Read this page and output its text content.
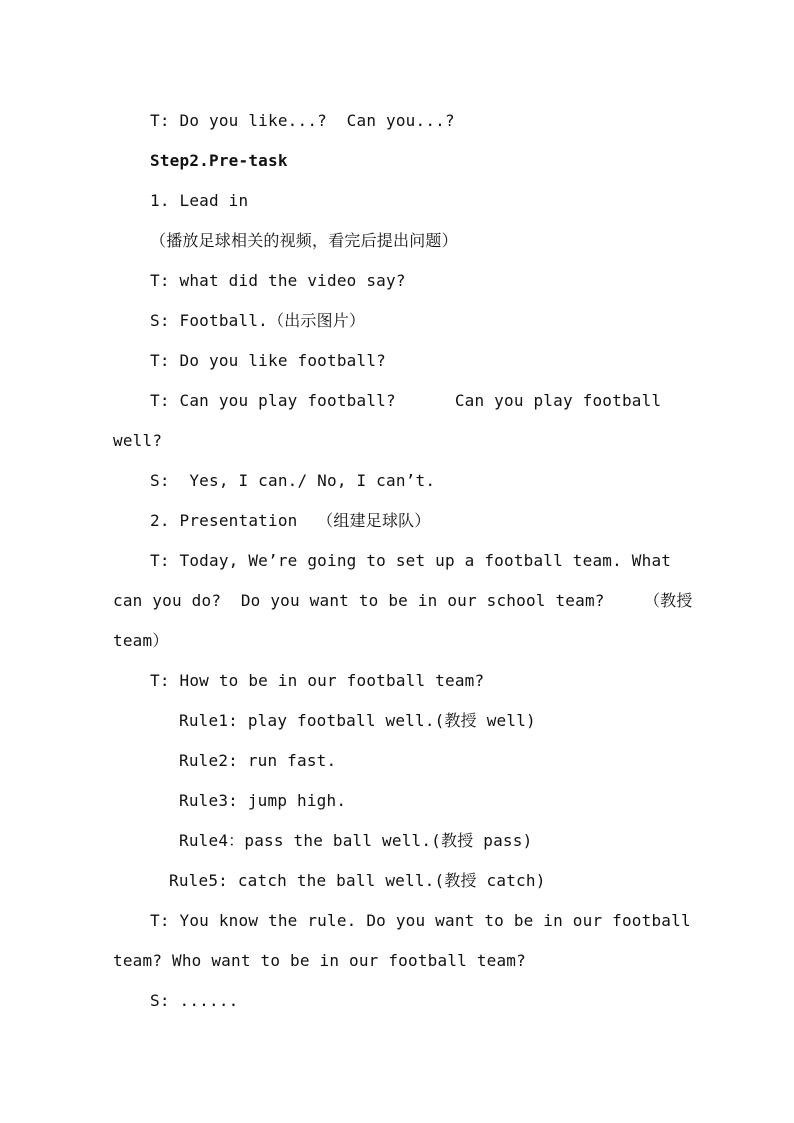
T: Do you like...?  Can you...?
Step2.Pre-task
1. Lead in
（播放足球相关的视频，看完后提出问题）
T: what did the video say?
S: Football.（出示图片）
T: Do you like football?
T: Can you play football?      Can you play football
well?
S:  Yes, I can./ No, I can’t.
2. Presentation  （组建足球队）
T: Today, We’re going to set up a football team. What
can you do?  Do you want to be in our school team?    （教授
team）
T: How to be in our football team?
Rule1: play football well.(教授 well)
Rule2: run fast.
Rule3: jump high.
Rule4：pass the ball well.(教授 pass)
Rule5: catch the ball well.(教授 catch)
T: You know the rule. Do you want to be in our football
team? Who want to be in our football team?
S: ......
